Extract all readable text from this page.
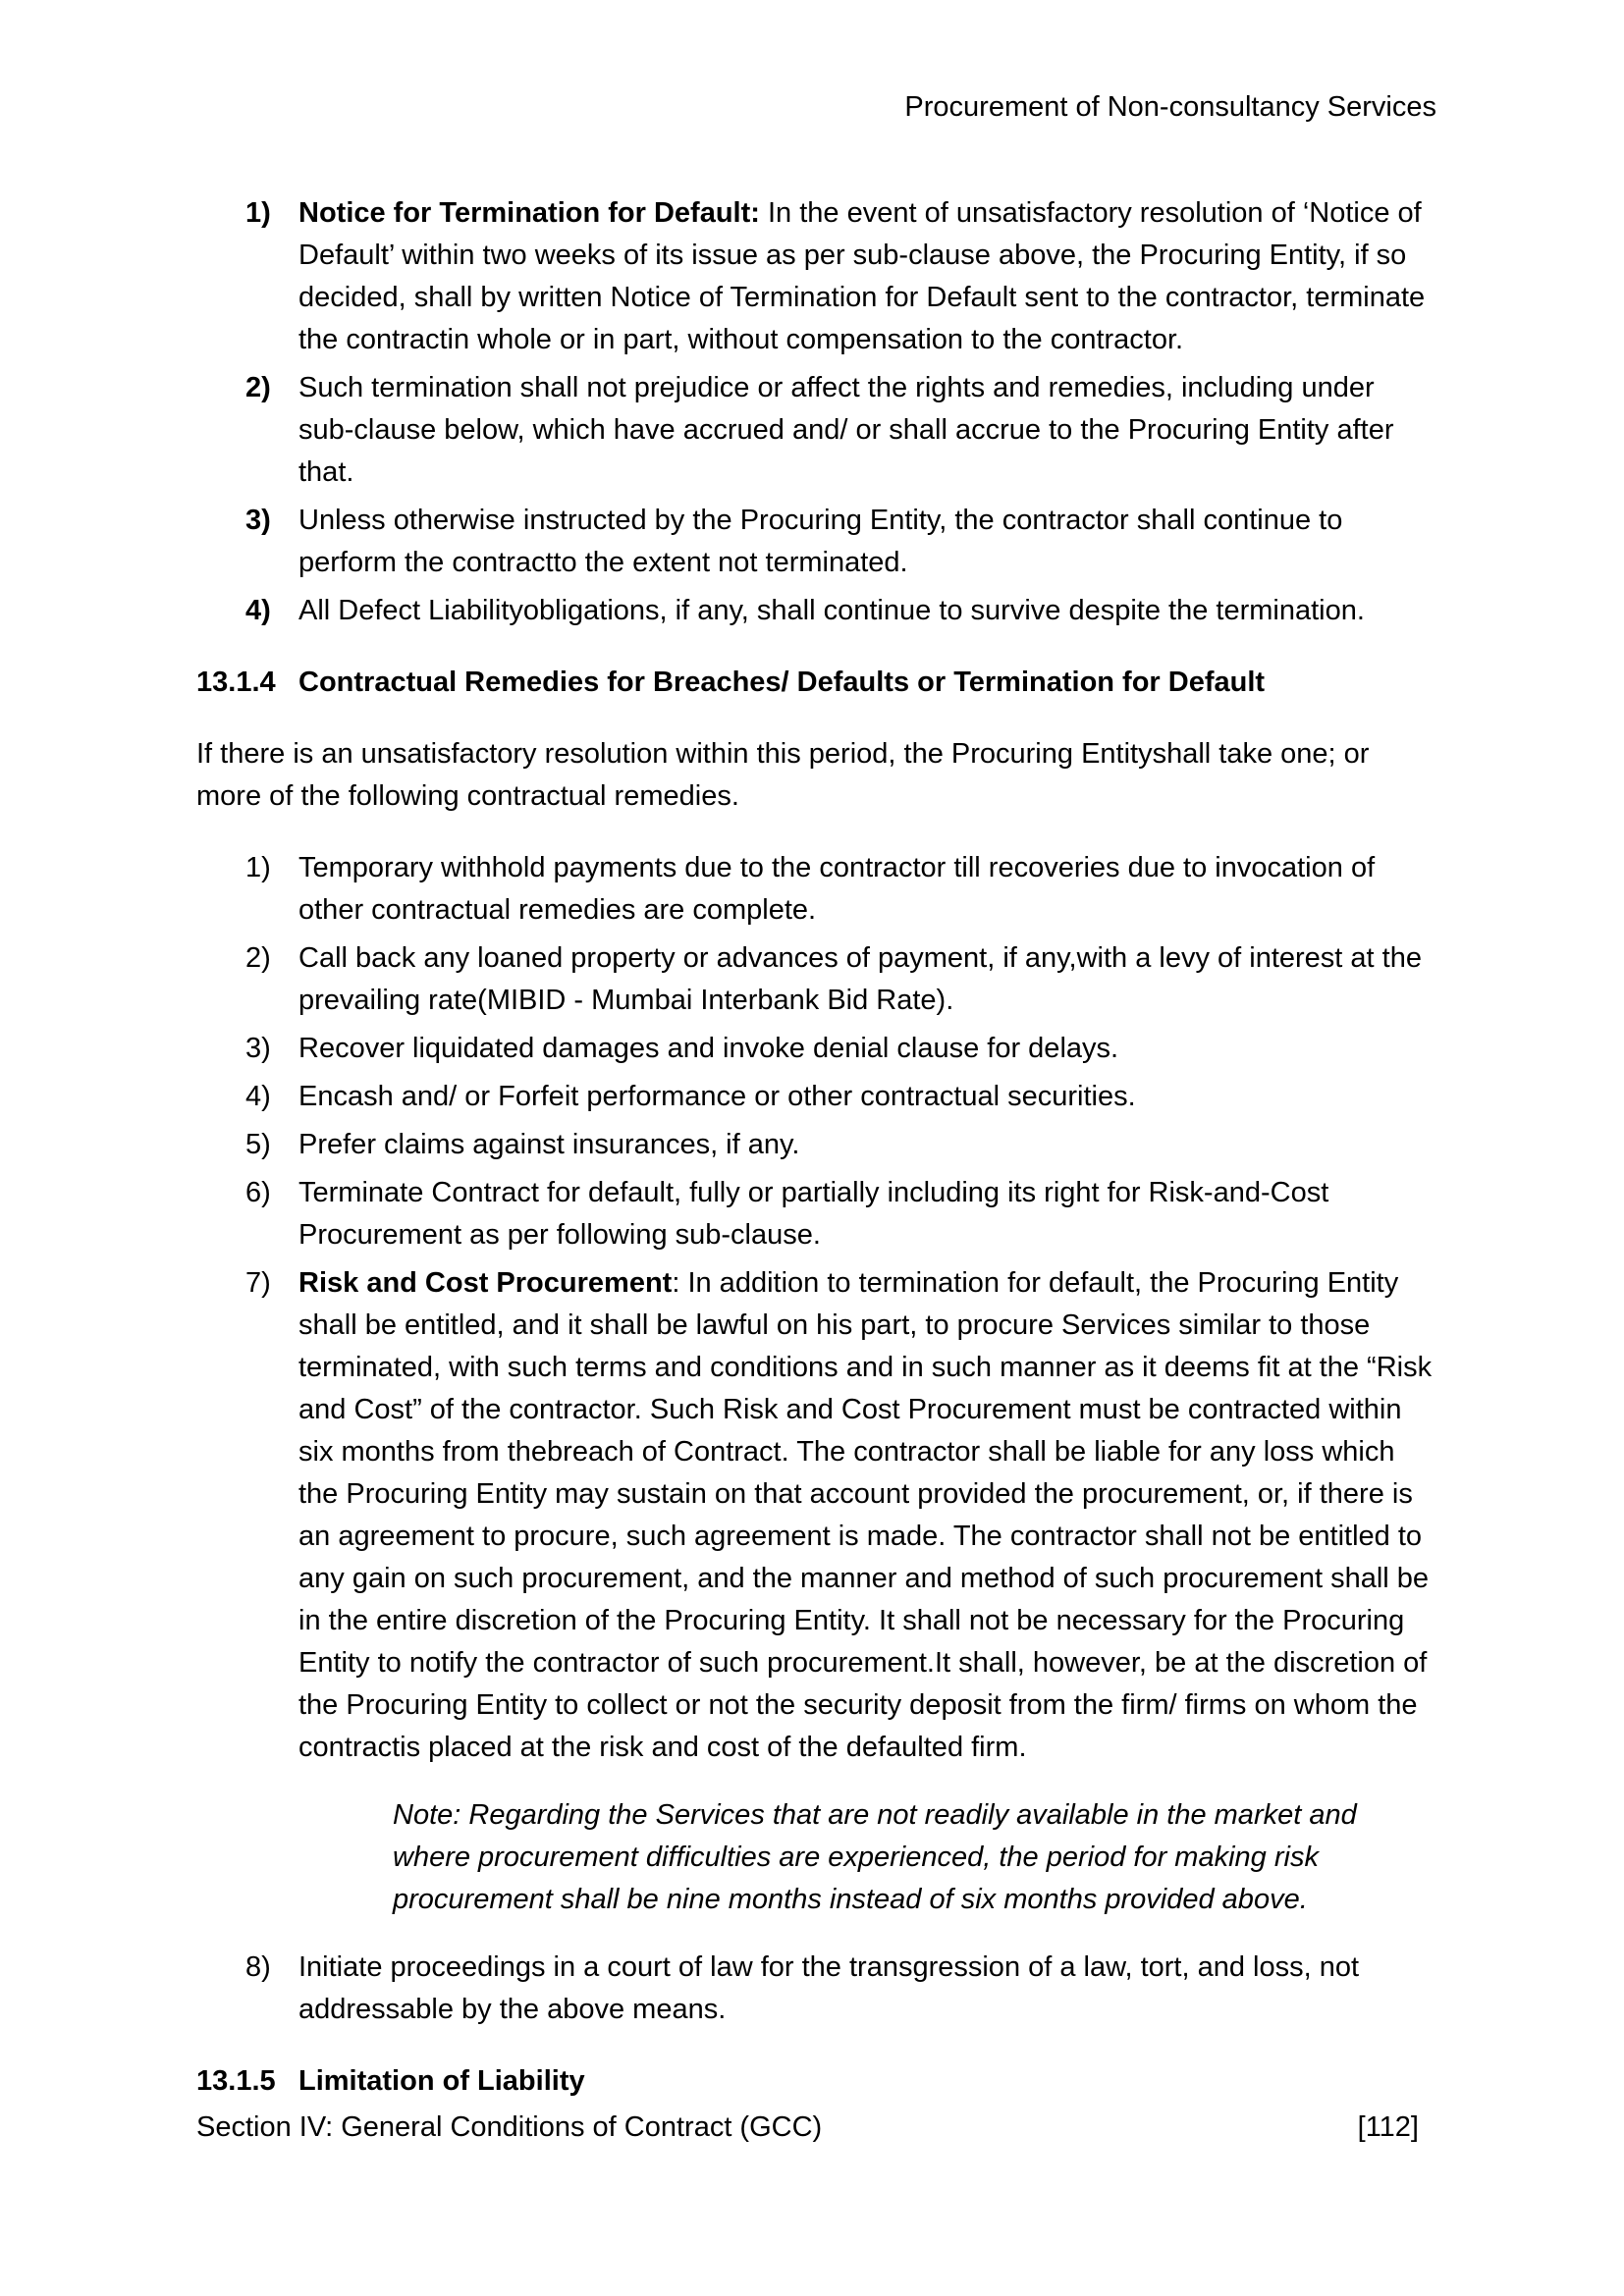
Procurement of Non-consultancy Services
1) Notice for Termination for Default: In the event of unsatisfactory resolution of ‘Notice of Default’ within two weeks of its issue as per sub-clause above, the Procuring Entity, if so decided, shall by written Notice of Termination for Default sent to the contractor, terminate the contractin whole or in part, without compensation to the contractor.
2) Such termination shall not prejudice or affect the rights and remedies, including under sub-clause below, which have accrued and/ or shall accrue to the Procuring Entity after that.
3) Unless otherwise instructed by the Procuring Entity, the contractor shall continue to perform the contractto the extent not terminated.
4) All Defect Liabilityobligations, if any, shall continue to survive despite the termination.
13.1.4 Contractual Remedies for Breaches/ Defaults or Termination for Default
If there is an unsatisfactory resolution within this period, the Procuring Entityshall take one; or more of the following contractual remedies.
1) Temporary withhold payments due to the contractor till recoveries due to invocation of other contractual remedies are complete.
2) Call back any loaned property or advances of payment, if any,with a levy of interest at the prevailing rate(MIBID - Mumbai Interbank Bid Rate).
3) Recover liquidated damages and invoke denial clause for delays.
4) Encash and/ or Forfeit performance or other contractual securities.
5) Prefer claims against insurances, if any.
6) Terminate Contract for default, fully or partially including its right for Risk-and-Cost Procurement as per following sub-clause.
7) Risk and Cost Procurement: In addition to termination for default, the Procuring Entity shall be entitled, and it shall be lawful on his part, to procure Services similar to those terminated, with such terms and conditions and in such manner as it deems fit at the “Risk and Cost” of the contractor. Such Risk and Cost Procurement must be contracted within six months from thebreach of Contract. The contractor shall be liable for any loss which the Procuring Entity may sustain on that account provided the procurement, or, if there is an agreement to procure, such agreement is made. The contractor shall not be entitled to any gain on such procurement, and the manner and method of such procurement shall be in the entire discretion of the Procuring Entity. It shall not be necessary for the Procuring Entity to notify the contractor of such procurement.It shall, however, be at the discretion of the Procuring Entity to collect or not the security deposit from the firm/ firms on whom the contractis placed at the risk and cost of the defaulted firm.
Note: Regarding the Services that are not readily available in the market and where procurement difficulties are experienced, the period for making risk procurement shall be nine months instead of six months provided above.
8) Initiate proceedings in a court of law for the transgression of a law, tort, and loss, not addressable by the above means.
13.1.5 Limitation of Liability
Section IV: General Conditions of Contract (GCC)	[112]
